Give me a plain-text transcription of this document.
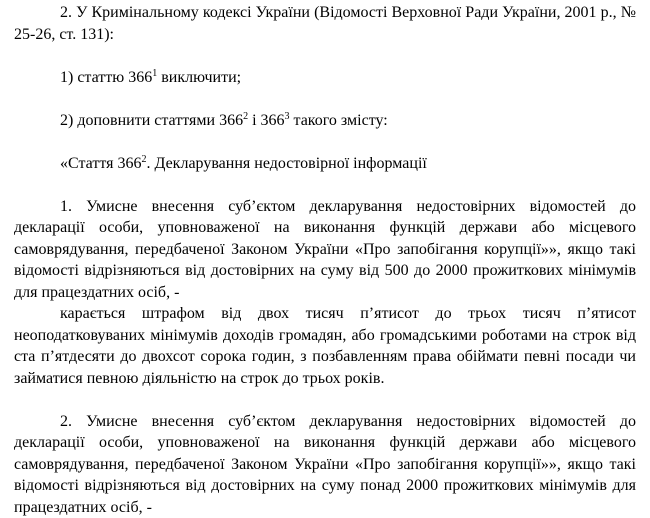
2. У Кримінальному кодексі України (Відомості Верховної Ради України, 2001 р., № 25-26, ст. 131):

1) статтю $366^1$ виключити;

2) доповнити статтями $366^2$ і $366^3$ такого змісту:

«Стаття $366^2$. Декларування недостовірної інформації

1. Умисне внесення суб’єктом декларування недостовірних відомостей до декларації особи, уповноваженої на виконання функцій держави або місцевого самоврядування, передбаченої Законом України «Про запобігання корупції»», якщо такі відомості відрізняються від достовірних на суму від 500 до 2000 прожиткових мінімумів для працездатних осіб, -

карається штрафом від двох тисяч п’ятисот до трьох тисяч п’ятисот неоподатковуваних мінімумів доходів громадян, або громадськими роботами на строк від ста п’ятдесяти до двохсот сорока годин, з позбавленням права обіймати певні посади чи займатися певною діяльністю на строк до трьох років.

2. Умисне внесення суб’єктом декларування недостовірних відомостей до декларації особи, уповноваженої на виконання функцій держави або місцевого самоврядування, передбаченої Законом України «Про запобігання корупції»», якщо такі відомості відрізняються від достовірних на суму понад 2000 прожиткових мінімумів для працездатних осіб, -
